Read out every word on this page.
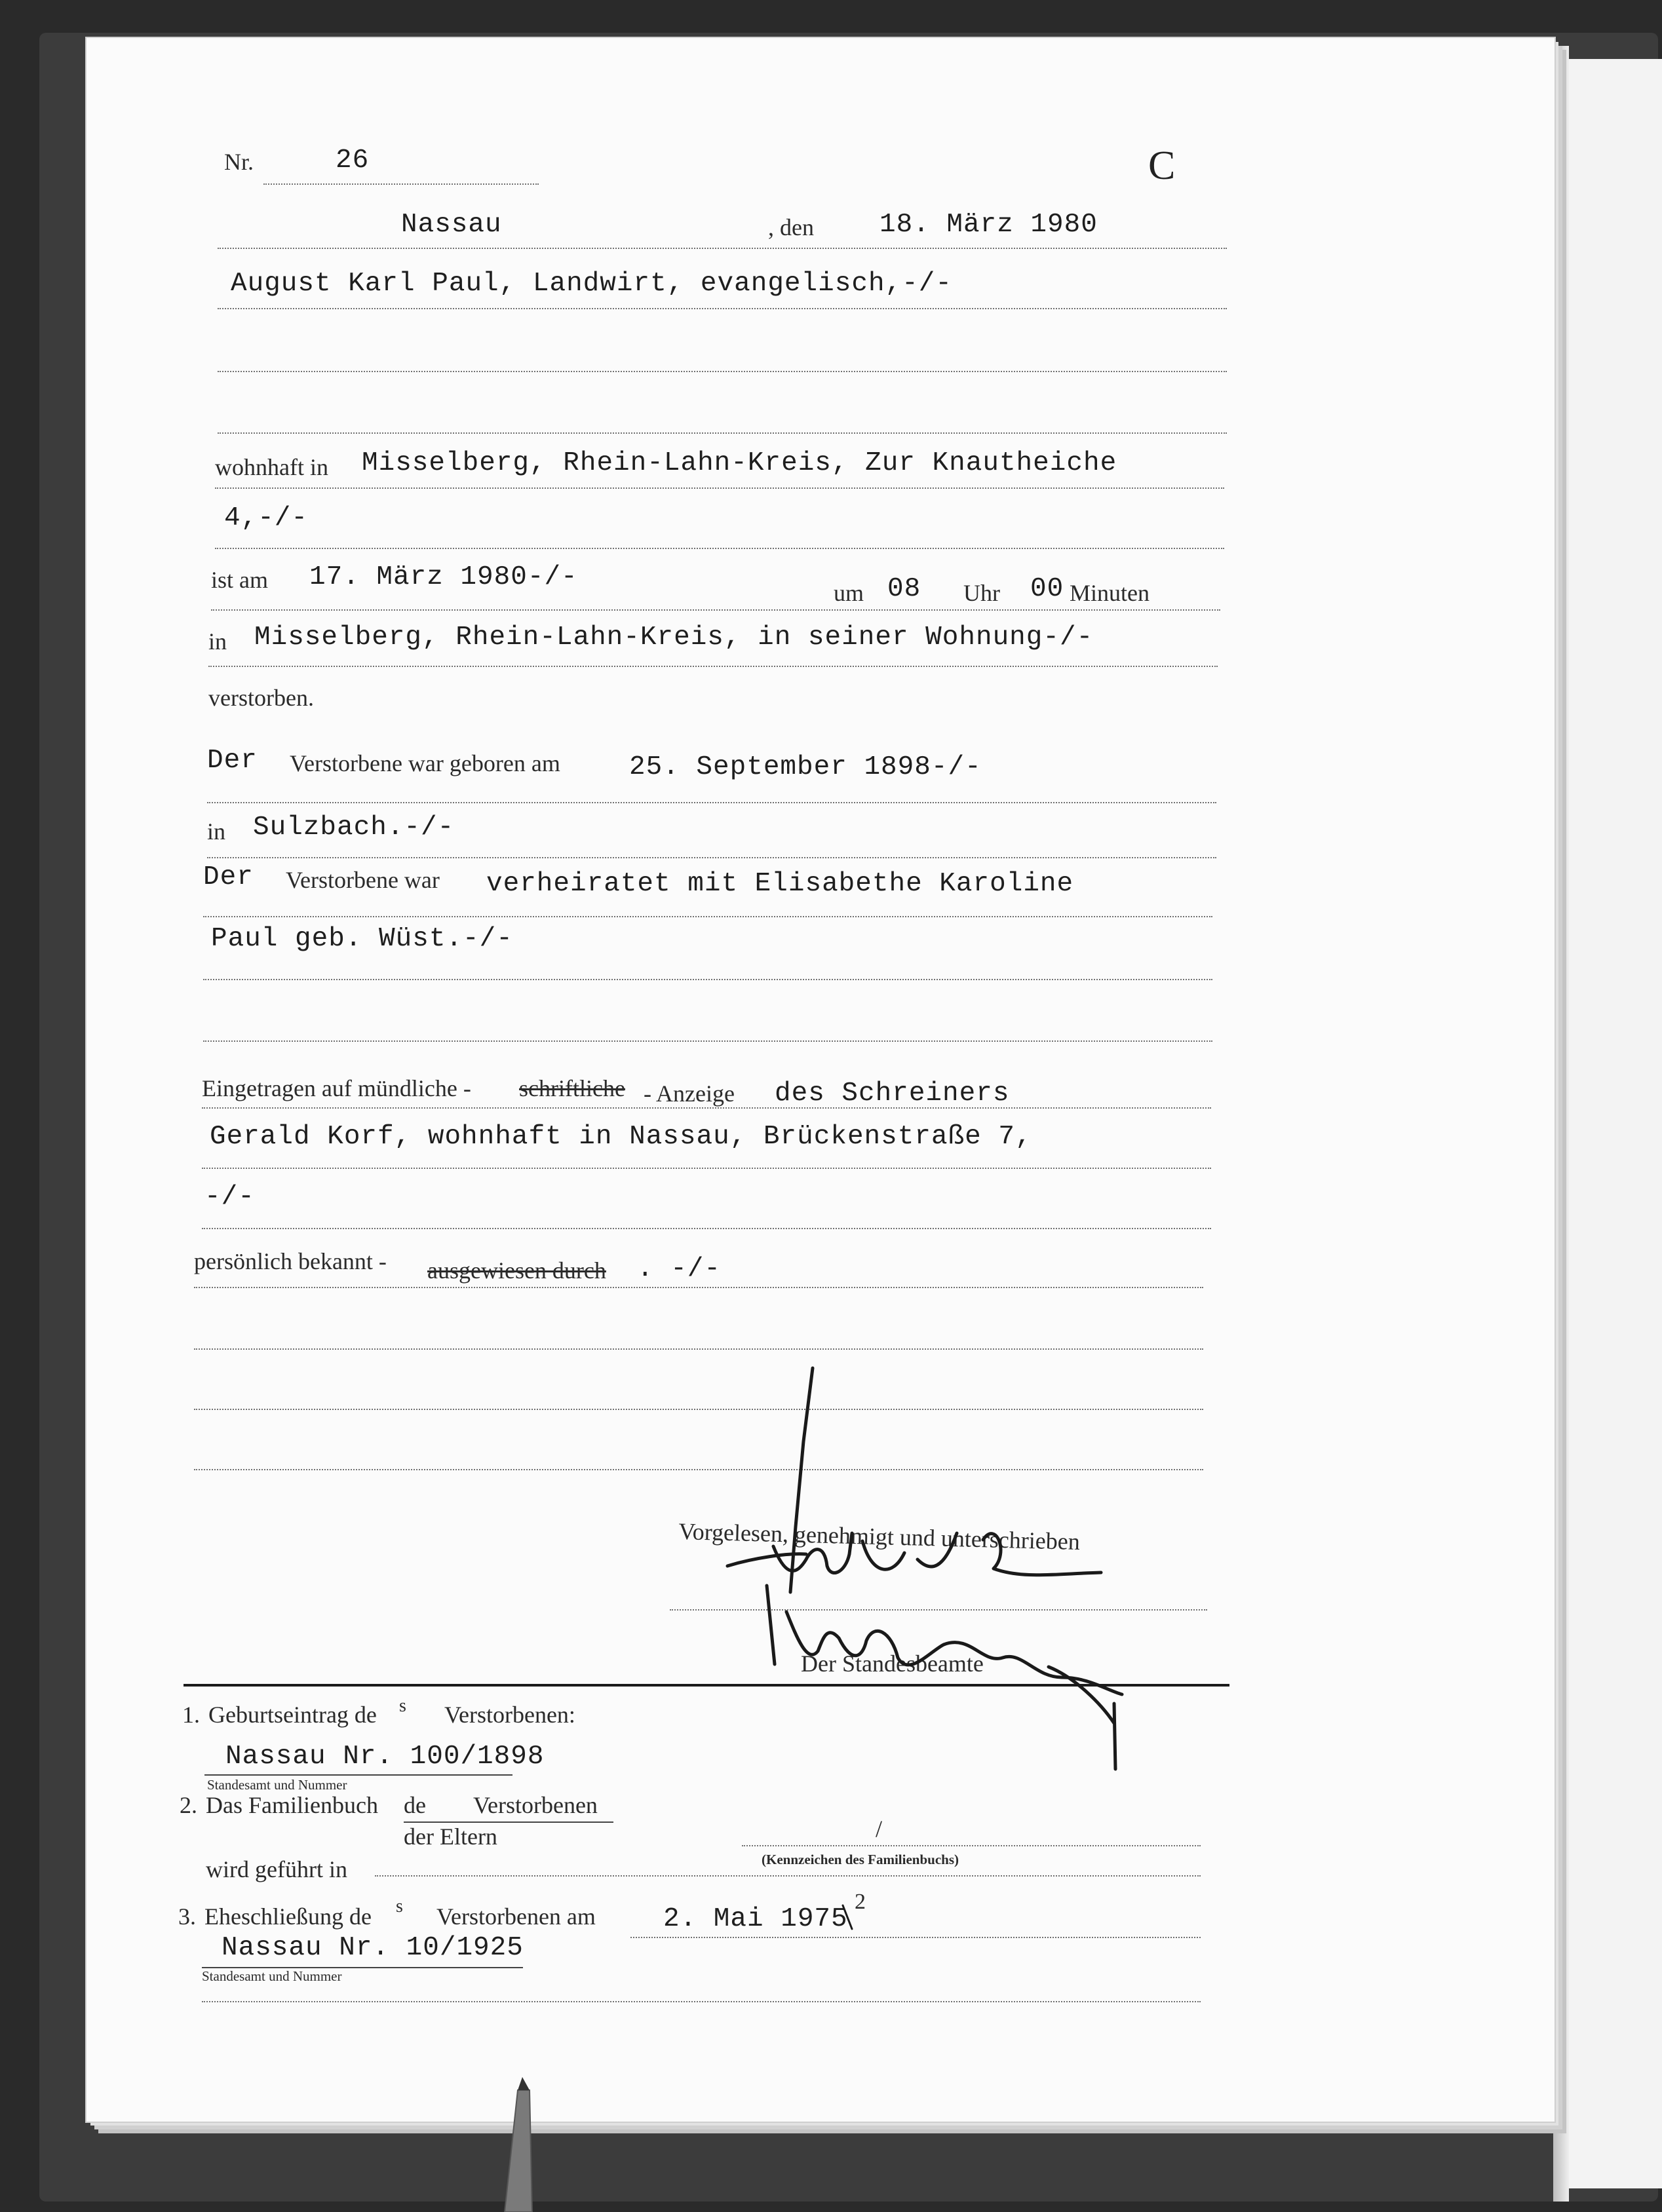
Nr.	26	C
Nassau	, den 18. März 1980
August Karl Paul, Landwirt, evangelisch,-/-
wohnhaft in Misselberg, Rhein-Lahn-Kreis, Zur Knautheiche
4,-/-
ist am 17. März 1980-/-
um 08 Uhr 00 Minuten
in Misselberg, Rhein-Lahn-Kreis, in seiner Wohnung-/-
verstorben.
Der Verstorbene war geboren am	25. September 1898-/-
in Sulzbach.-/-
Der Verstorbene war verheiratet mit Elisabethe Karoline
Paul geb. Wüst.-/-
Eingetragen auf mündliche - schriftliche - Anzeige des Schreiners
Gerald Korf, wohnhaft in Nassau, Brückenstraße 7,
-/-
persönlich bekannt - ausgewiesen durch . -/-
Vorgelesen, genehmigt und unterschrieben
Der Standesbeamte
1. Geburtseintrag de s Verstorbenen:
Nassau Nr. 100/1898
Standesamt und Nummer
2. Das Familienbuch de Verstorbenen
der Eltern	/
(Kennzeichen des Familienbuchs)
wird geführt in
3. Eheschließung de s Verstorbenen am	2. Mai 1975
2
Nassau Nr. 10/1925
Standesamt und Nummer
